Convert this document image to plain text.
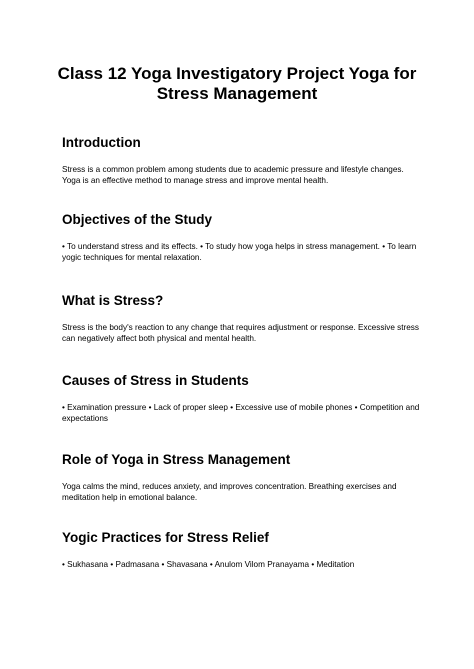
Class 12 Yoga Investigatory Project Yoga for
Stress Management
Introduction

Stress is a common problem among students due to academic pressure and lifestyle changes.
Yoga is an effective method to manage stress and improve mental health.

Objectives of the Study

• To understand stress and its effects. • To study how yoga helps in stress management. • To learn
yogic techniques for mental relaxation.

What is Stress?

Stress is the body's reaction to any change that requires adjustment or response. Excessive stress
can negatively affect both physical and mental health.

Causes of Stress in Students

• Examination pressure • Lack of proper sleep • Excessive use of mobile phones • Competition and
expectations

Role of Yoga in Stress Management

Yoga calms the mind, reduces anxiety, and improves concentration. Breathing exercises and
meditation help in emotional balance.

Yogic Practices for Stress Relief

• Sukhasana • Padmasana • Shavasana • Anulom Vilom Pranayama • Meditation
